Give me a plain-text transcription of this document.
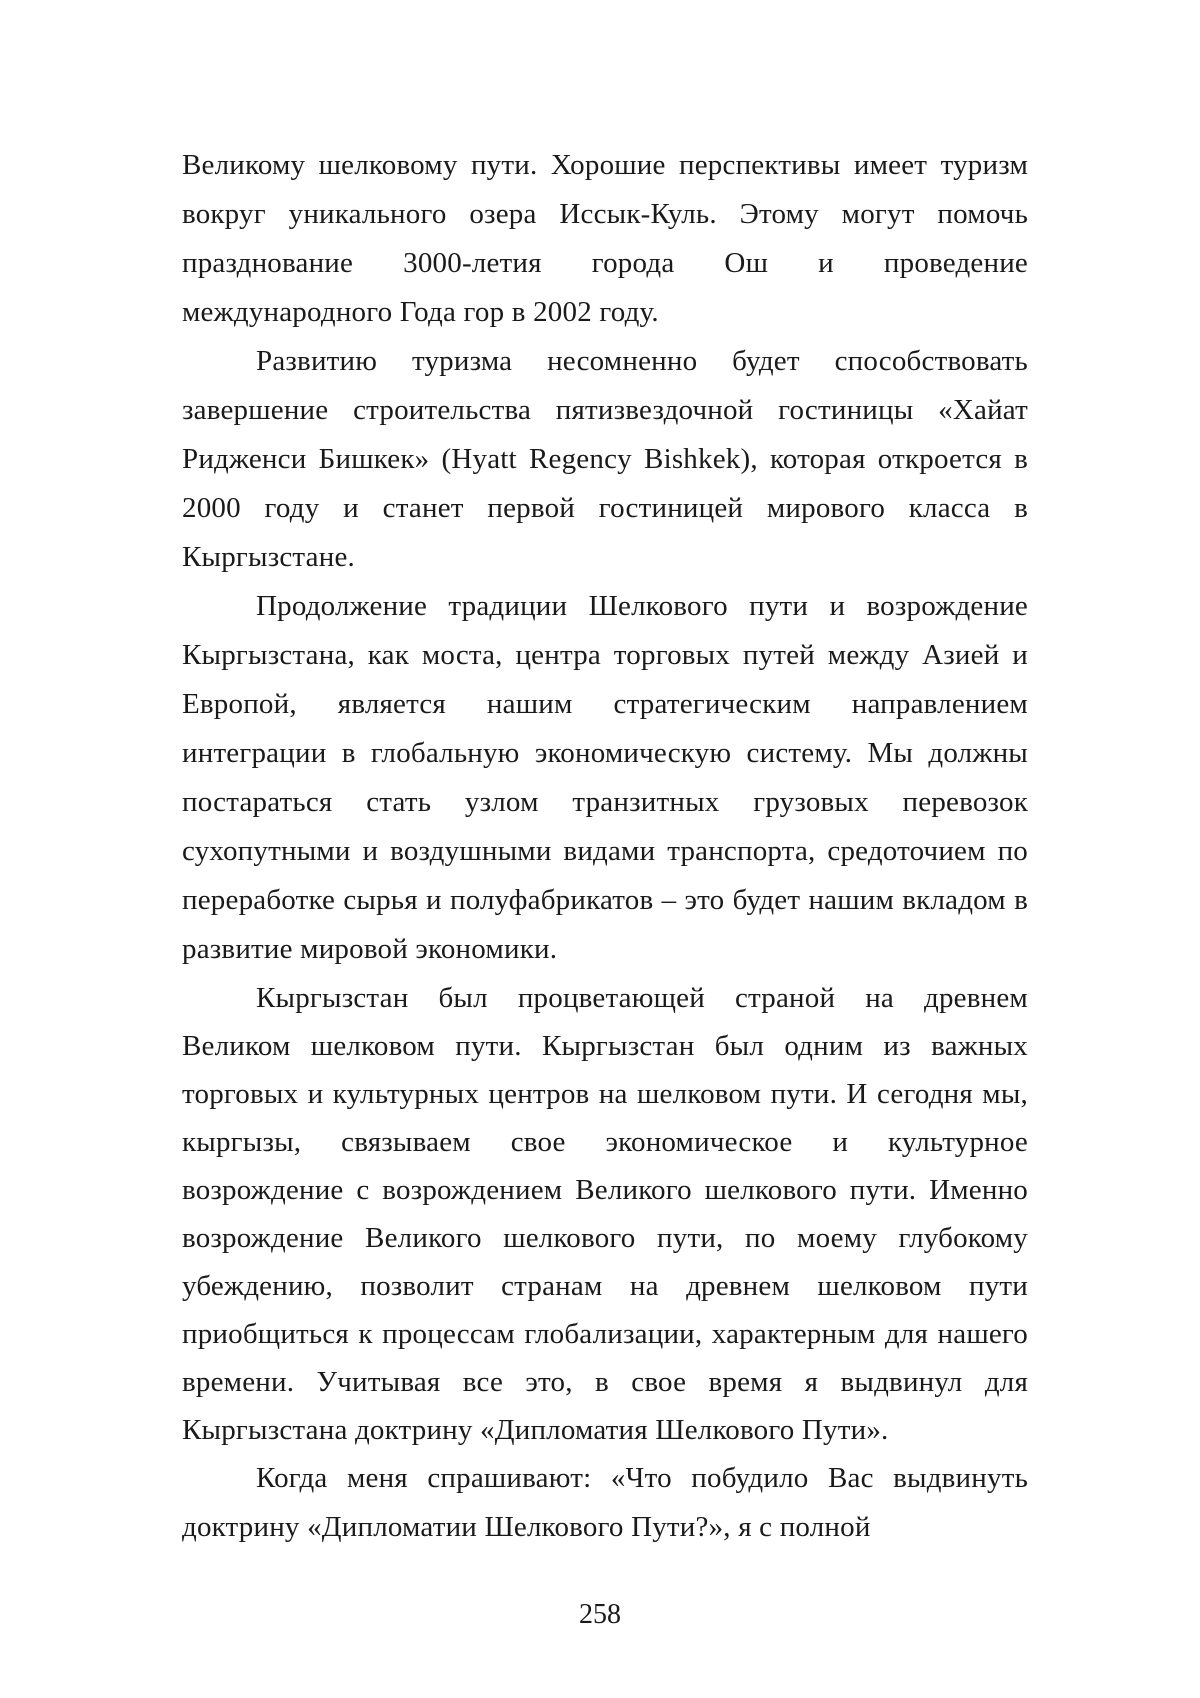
Великому шелковому пути. Хорошие перспективы имеет туризм вокруг уникального озера Иссык-Куль. Этому могут помочь празднование 3000-летия города Ош и проведение международного Года гор в 2002 году.

Развитию туризма несомненно будет способствовать завершение строительства пятизвездочной гостиницы «Хайат Ридженси Бишкек» (Hyatt Regency Bishkek), которая откроется в 2000 году и станет первой гостиницей мирового класса в Кыргызстане.

Продолжение традиции Шелкового пути и возрождение Кыргызстана, как моста, центра торговых путей между Азией и Европой, является нашим стратегическим направлением интеграции в глобальную экономическую систему. Мы должны постараться стать узлом транзитных грузовых перевозок сухопутными и воздушными видами транспорта, средоточием по переработке сырья и полуфабрикатов – это будет нашим вкладом в развитие мировой экономики.

Кыргызстан был процветающей страной на древнем Великом шелковом пути. Кыргызстан был одним из важных торговых и культурных центров на шелковом пути. И сегодня мы, кыргызы, связываем свое экономическое и культурное возрождение с возрождением Великого шелкового пути. Именно возрождение Великого шелкового пути, по моему глубокому убеждению, позволит странам на древнем шелковом пути приобщиться к процессам глобализации, характерным для нашего времени. Учитывая все это, в свое время я выдвинул для Кыргызстана доктрину «Дипломатия Шелкового Пути».

Когда меня спрашивают: «Что побудило Вас выдвинуть доктрину «Дипломатии Шелкового Пути?», я с полной

258
